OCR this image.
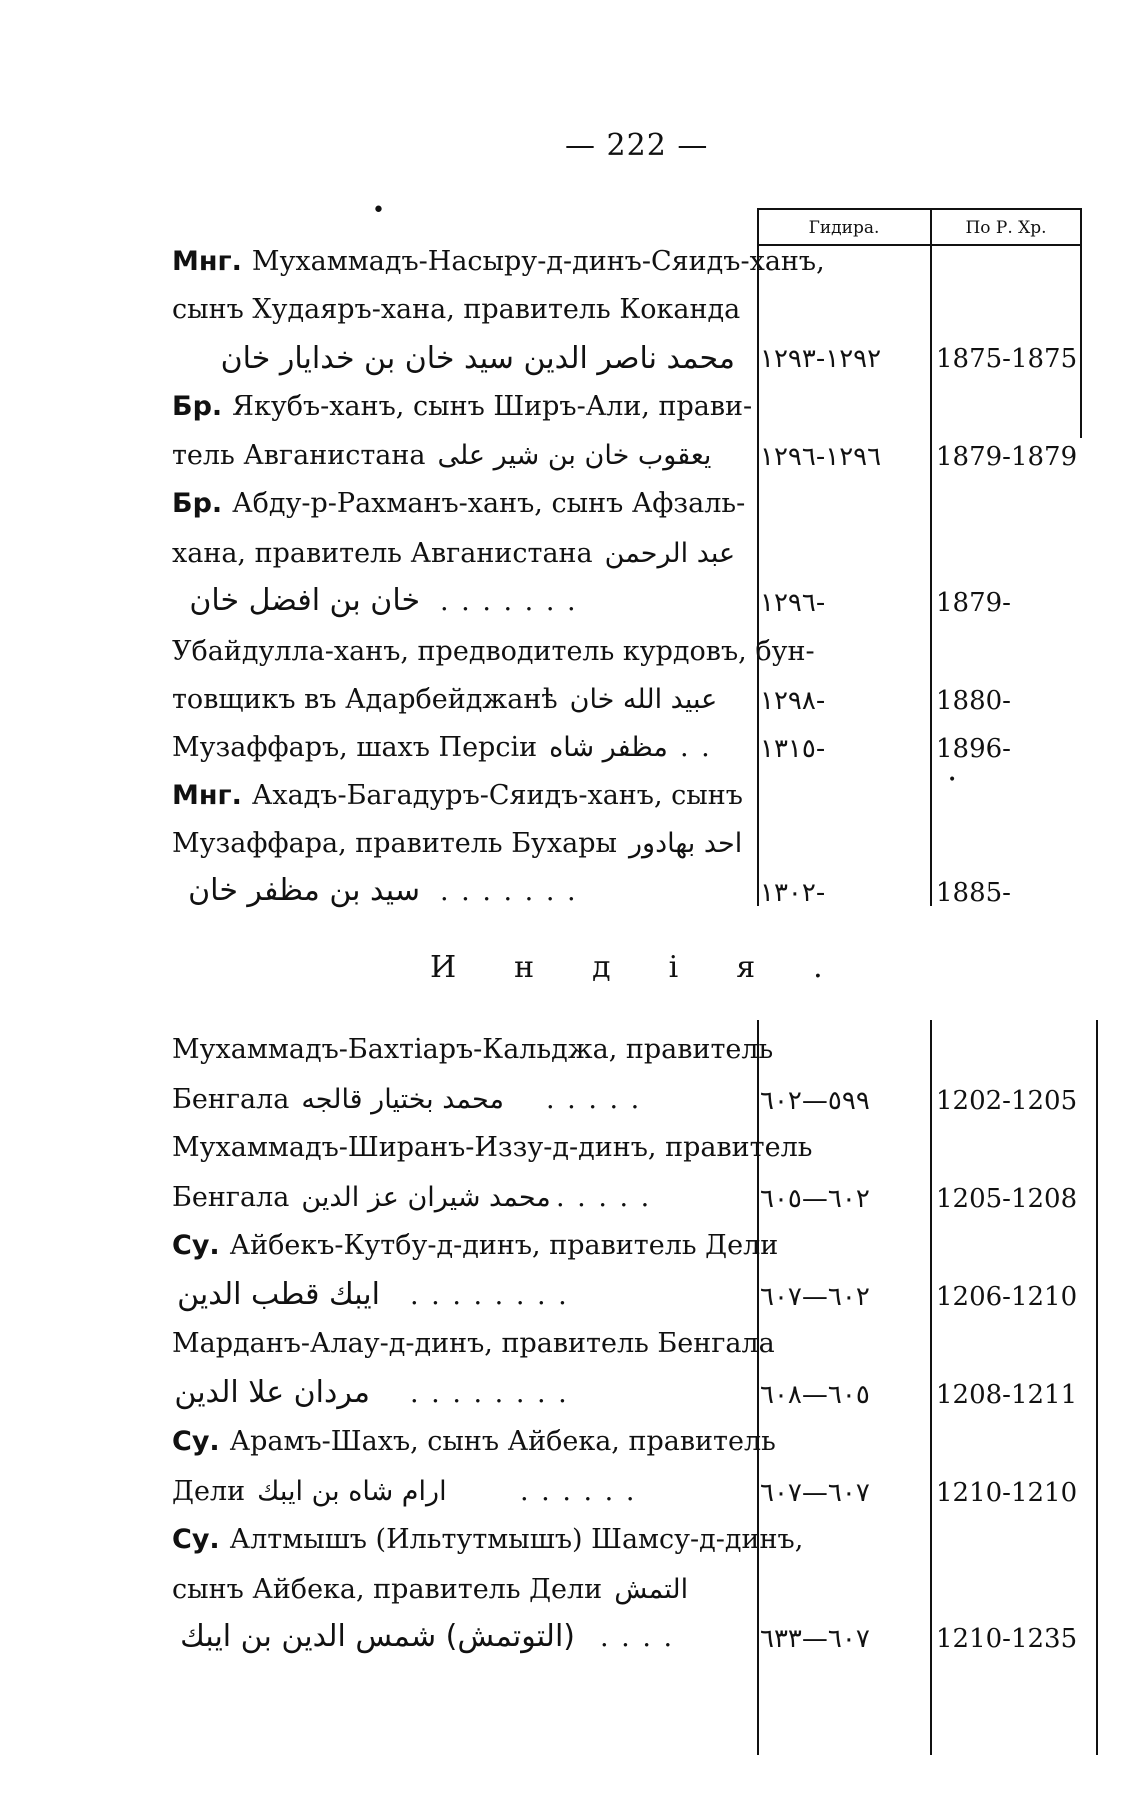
— 222 —
Гидира.	По Р. Хр.
•
•
Мнг. Мухаммадъ-Насыру-д-динъ-Сяидъ-ханъ,
сынъ Худаяръ-хана, правитель Коканда
محمد ناصر الدين سيد خان بن خدايار خان ١٢٩٢-١٢٩٣	1875-1875
Бр. Якубъ-ханъ, сынъ Ширъ-Али, прави-
тель Авганистана يعقوب خان بن شير على	١٢٩٦-١٢٩٦	1879-1879
Бр. Абду-р-Рахманъ-ханъ, сынъ Афзаль-
хана, правитель Авганистана عبد الرحمن
خان بن افضل خان . . . . . . .	١٢٩٦-	1879-
Убайдулла-ханъ, предводитель курдовъ, бун-
товщикъ въ Адарбейджанѣ عبيد الله خان	١٢٩٨-	1880-
Музаффаръ, шахъ Персіи مظفر شاه . . ١٣١٥-	1896-
Мнг. Ахадъ-Багадуръ-Сяидъ-ханъ, сынъ
Музаффара, правитель Бухары احد بهادور
سيد بن مظفر خان . . . . . . .	١٣٠٢-	1885-
Индія.
Мухаммадъ-Бахтіаръ-Кальджа, правитель
Бенгала محمد بختيار قالجه	. . . . .	٥٩٩—٦٠٢	1202-1205
Мухаммадъ-Ширанъ-Иззу-д-динъ, правитель
Бенгала محمد شيران عز الدين . . . . .	٦٠٢—٦٠٥	1205-1208
Су. Айбекъ-Кутбу-д-динъ, правитель Дели
ايبك قطب الدين . . . . . . . .	٦٠٢—٦٠٧	1206-1210
Марданъ-Алау-д-динъ, правитель Бенгала
مردان علا الدين . . . . . . . .	٦٠٥—٦٠٨	1208-1211
Су. Арамъ-Шахъ, сынъ Айбека, правитель
Дели ارام شاه بن ايبك	. . . . . .	٦٠٧—٦٠٧	1210-1210
Су. Алтмышъ (Ильтутмышъ) Шамсу-д-динъ,
сынъ Айбека, правитель Дели التمش
(التوتمش) شمس الدين بن ايبك . . . .	٦٠٧—٦٣٣	1210-1235
